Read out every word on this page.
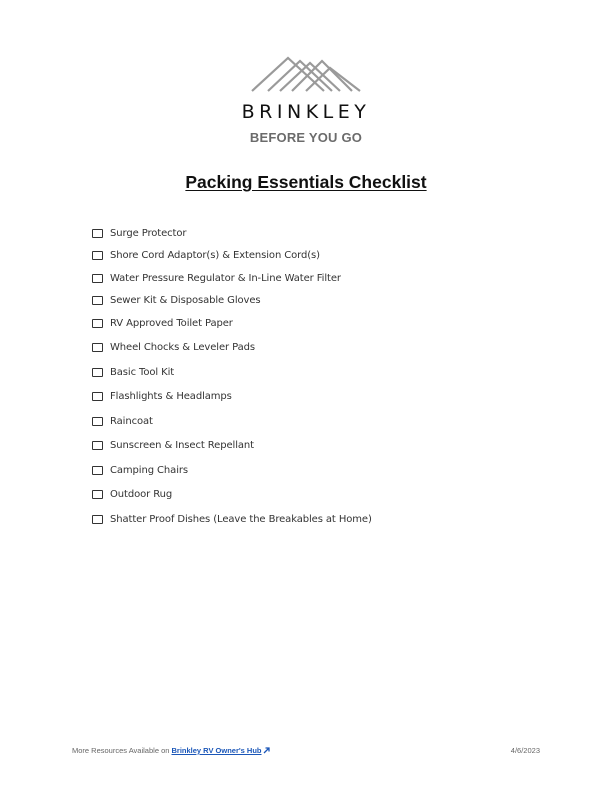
BRINKLEY
BEFORE YOU GO
Packing Essentials Checklist
Surge Protector
Shore Cord Adaptor(s) & Extension Cord(s)
Water Pressure Regulator & In-Line Water Filter
Sewer Kit & Disposable Gloves
RV Approved Toilet Paper
Wheel Chocks & Leveler Pads
Basic Tool Kit
Flashlights & Headlamps
Raincoat
Sunscreen & Insect Repellant
Camping Chairs
Outdoor Rug
Shatter Proof Dishes (Leave the Breakables at Home)
More Resources Available on Brinkley RV Owner's Hub	4/6/2023
